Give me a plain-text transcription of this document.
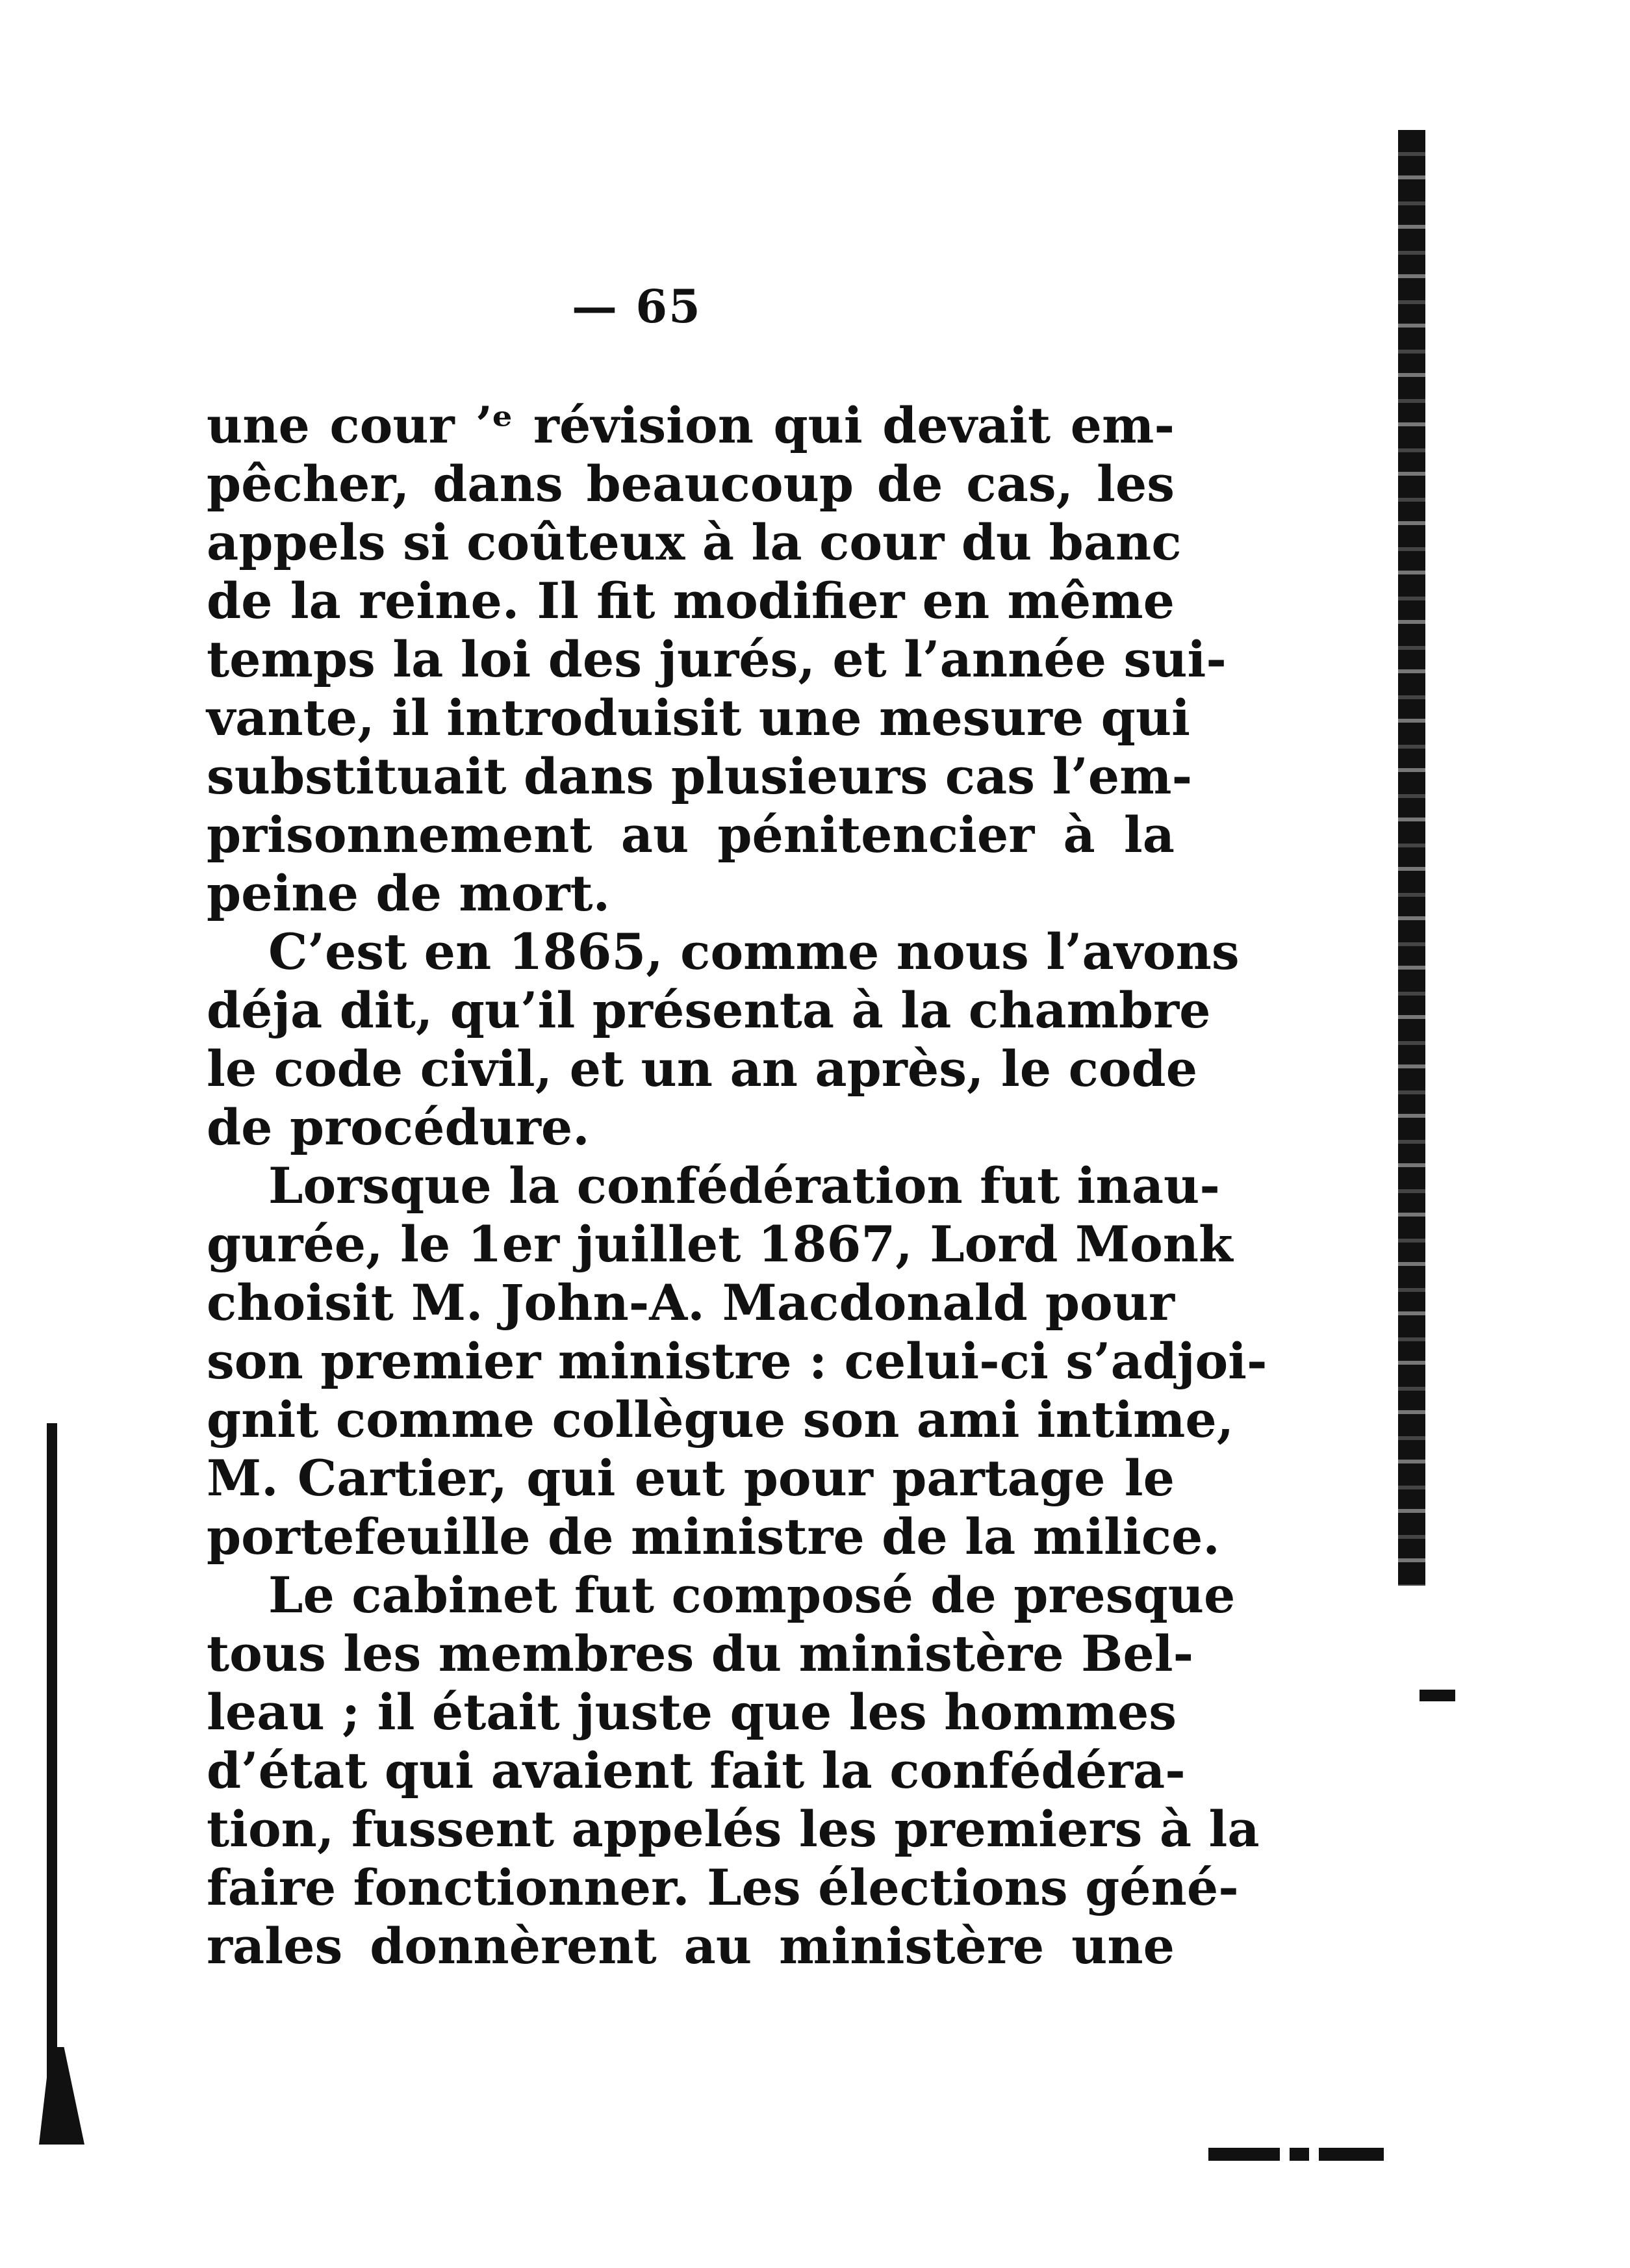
— 65
une cour ʼᵉ révision qui devait em-
pêcher, dans beaucoup de cas, les
appels si coûteux à la cour du banc
de la reine. Il fit modifier en même
temps la loi des jurés, et l’année sui-
vante, il introduisit une mesure qui
substituait dans plusieurs cas l’em-
prisonnement au pénitencier à la
peine de mort.
C’est en 1865, comme nous l’avons
déja dit, qu’il présenta à la chambre
le code civil, et un an après, le code
de procédure.
Lorsque la confédération fut inau-
gurée, le 1er juillet 1867, Lord Monk
choisit M. John-A. Macdonald pour
son premier ministre : celui-ci s’adjoi-
gnit comme collègue son ami intime,
M. Cartier, qui eut pour partage le
portefeuille de ministre de la milice.
Le cabinet fut composé de presque
tous les membres du ministère Bel-
leau ; il était juste que les hommes
d’état qui avaient fait la confédéra-
tion, fussent appelés les premiers à la
faire fonctionner. Les élections géné-
rales donnèrent au ministère une
